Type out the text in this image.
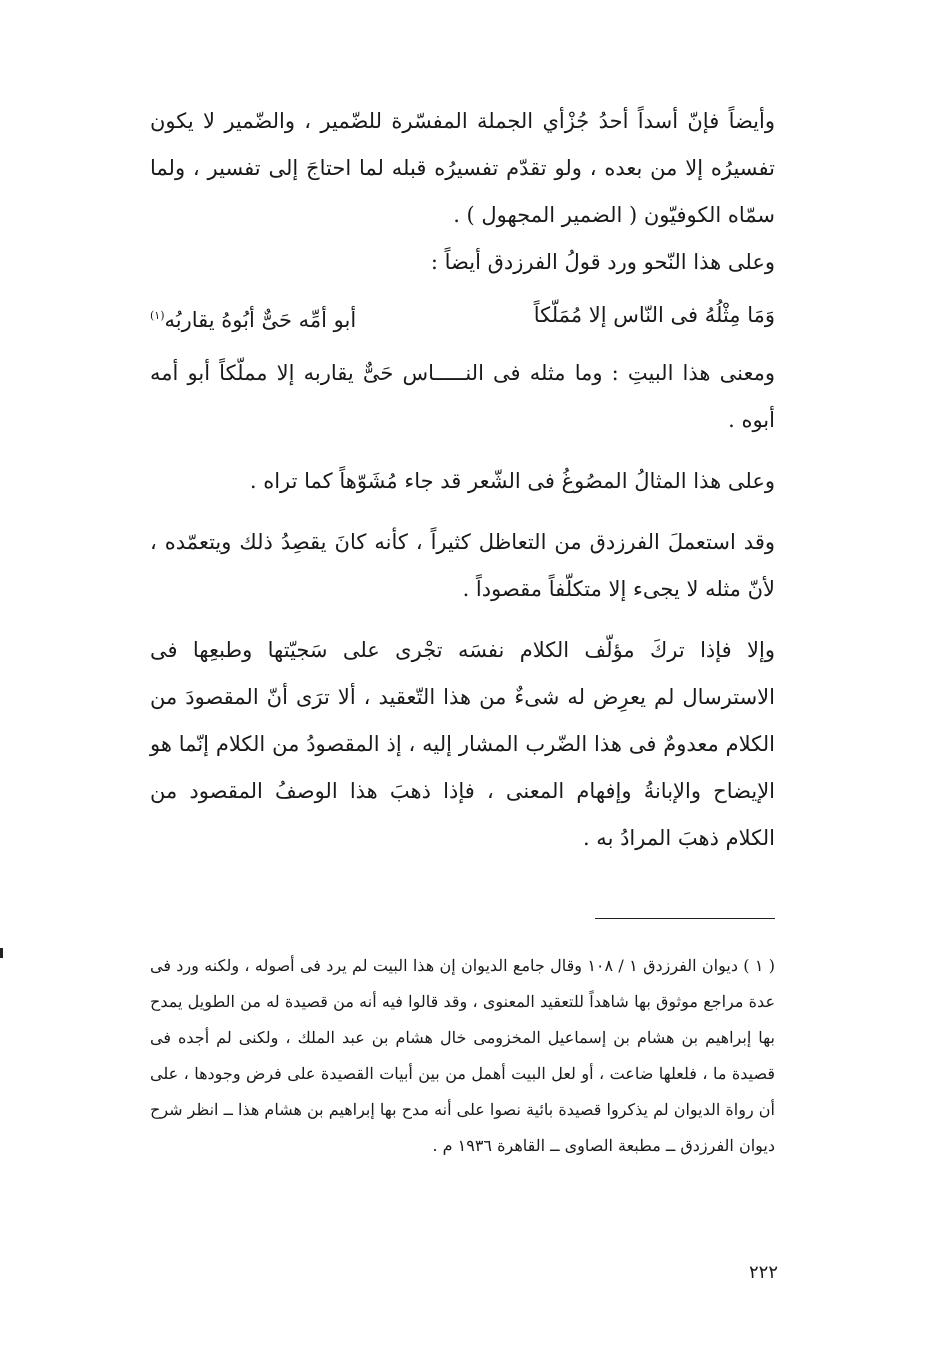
وأيضاً فإنّ أسداً أحدُ جُزْأي الجملة المفسّرة للضّمير ، والضّمير لا يكون تفسيرُه إلا من بعده ، ولو تقدّم تفسيرُه قبله لما احتاجَ إلى تفسير ، ولما سمّاه الكوفيّون ( الضمير المجهول ) .

وعلى هذا النّحو ورد قولُ الفرزدق أيضاً :

وَمَا مِثْلُهُ فى النّاس إلا مُمَلّكاً
أبو أمِّه حَىٌّ أبُوهُ يقاربُه$^{(١)}$

ومعنى هذا البيتِ : وما مثله فى النـــــاس حَىٌّ يقاربه إلا مملّكاً أبو أمه أبوه .

وعلى هذا المثالُ المصُوغُ فى الشّعر قد جاء مُشَوّهاً كما تراه .

وقد استعملَ الفرزدق من التعاظل كثيراً ، كأنه كانَ يقصِدُ ذلك ويتعمّده ، لأنّ مثله لا يجىء إلا متكلّفاً مقصوداً .

وإلا فإذا تركَ مؤلّف الكلام نفسَه تجْرى على سَجيّتها وطبعِها فى الاسترسال لم يعرِض له شىءٌ من هذا التّعقيد ، ألا ترَى أنّ المقصودَ من الكلام معدومٌ فى هذا الضّرب المشار إليه ، إذ المقصودُ من الكلام إنّما هو الإيضاح والإبانةُ وإفهام المعنى ، فإذا ذهبَ هذا الوصفُ المقصود من الكلام ذهبَ المرادُ به .

( ١ ) ديوان الفرزدق ١ / ١٠٨ وقال جامع الديوان إن هذا البيت لم يرد فى أصوله ، ولكنه ورد فى عدة مراجع موثوق بها شاهداً للتعقيد المعنوى ، وقد قالوا فيه أنه من قصيدة له من الطويل يمدح بها إبراهيم بن هشام بن إسماعيل المخزومى خال هشام بن عبد الملك ، ولكنى لم أجده فى قصيدة ما ، فلعلها ضاعت ، أو لعل البيت أهمل من بين أبيات القصيدة على فرض وجودها ، على أن رواة الديوان لم يذكروا قصيدة بائية نصوا على أنه مدح بها إبراهيم بن هشام هذا ــ انظر شرح ديوان الفرزدق ــ مطبعة الصاوى ــ القاهرة ١٩٣٦ م .

٢٢٢
